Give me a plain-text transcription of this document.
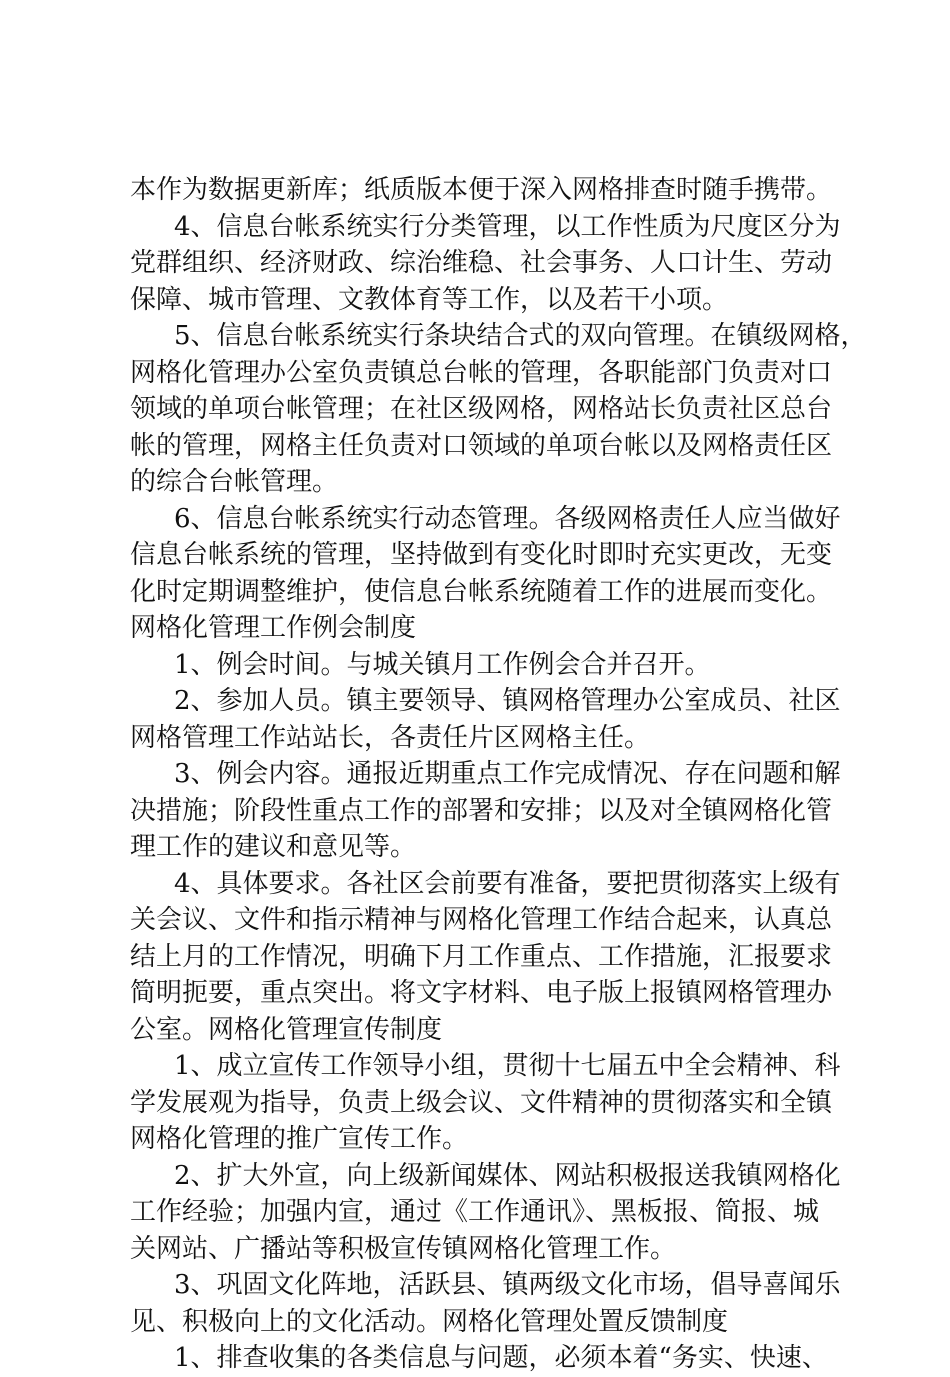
本作为数据更新库；纸质版本便于深入网格排查时随手携带。
4、信息台帐系统实行分类管理，以工作性质为尺度区分为
党群组织、经济财政、综治维稳、社会事务、人口计生、劳动
保障、城市管理、文教体育等工作，以及若干小项。
5、信息台帐系统实行条块结合式的双向管理。在镇级网格，
网格化管理办公室负责镇总台帐的管理，各职能部门负责对口
领域的单项台帐管理；在社区级网格，网格站长负责社区总台
帐的管理，网格主任负责对口领域的单项台帐以及网格责任区
的综合台帐管理。
6、信息台帐系统实行动态管理。各级网格责任人应当做好
信息台帐系统的管理，坚持做到有变化时即时充实更改，无变
化时定期调整维护，使信息台帐系统随着工作的进展而变化。
网格化管理工作例会制度
1、例会时间。与城关镇月工作例会合并召开。
2、参加人员。镇主要领导、镇网格管理办公室成员、社区
网格管理工作站站长，各责任片区网格主任。
3、例会内容。通报近期重点工作完成情况、存在问题和解
决措施；阶段性重点工作的部署和安排；以及对全镇网格化管
理工作的建议和意见等。
4、具体要求。各社区会前要有准备，要把贯彻落实上级有
关会议、文件和指示精神与网格化管理工作结合起来，认真总
结上月的工作情况，明确下月工作重点、工作措施，汇报要求
简明扼要，重点突出。将文字材料、电子版上报镇网格管理办
公室。网格化管理宣传制度
1、成立宣传工作领导小组，贯彻十七届五中全会精神、科
学发展观为指导，负责上级会议、文件精神的贯彻落实和全镇
网格化管理的推广宣传工作。
2、扩大外宣，向上级新闻媒体、网站积极报送我镇网格化
工作经验；加强内宣，通过《工作通讯》、黑板报、简报、城
关网站、广播站等积极宣传镇网格化管理工作。
3、巩固文化阵地，活跃县、镇两级文化市场，倡导喜闻乐
见、积极向上的文化活动。网格化管理处置反馈制度
1、排查收集的各类信息与问题，必须本着“务实、快速、
